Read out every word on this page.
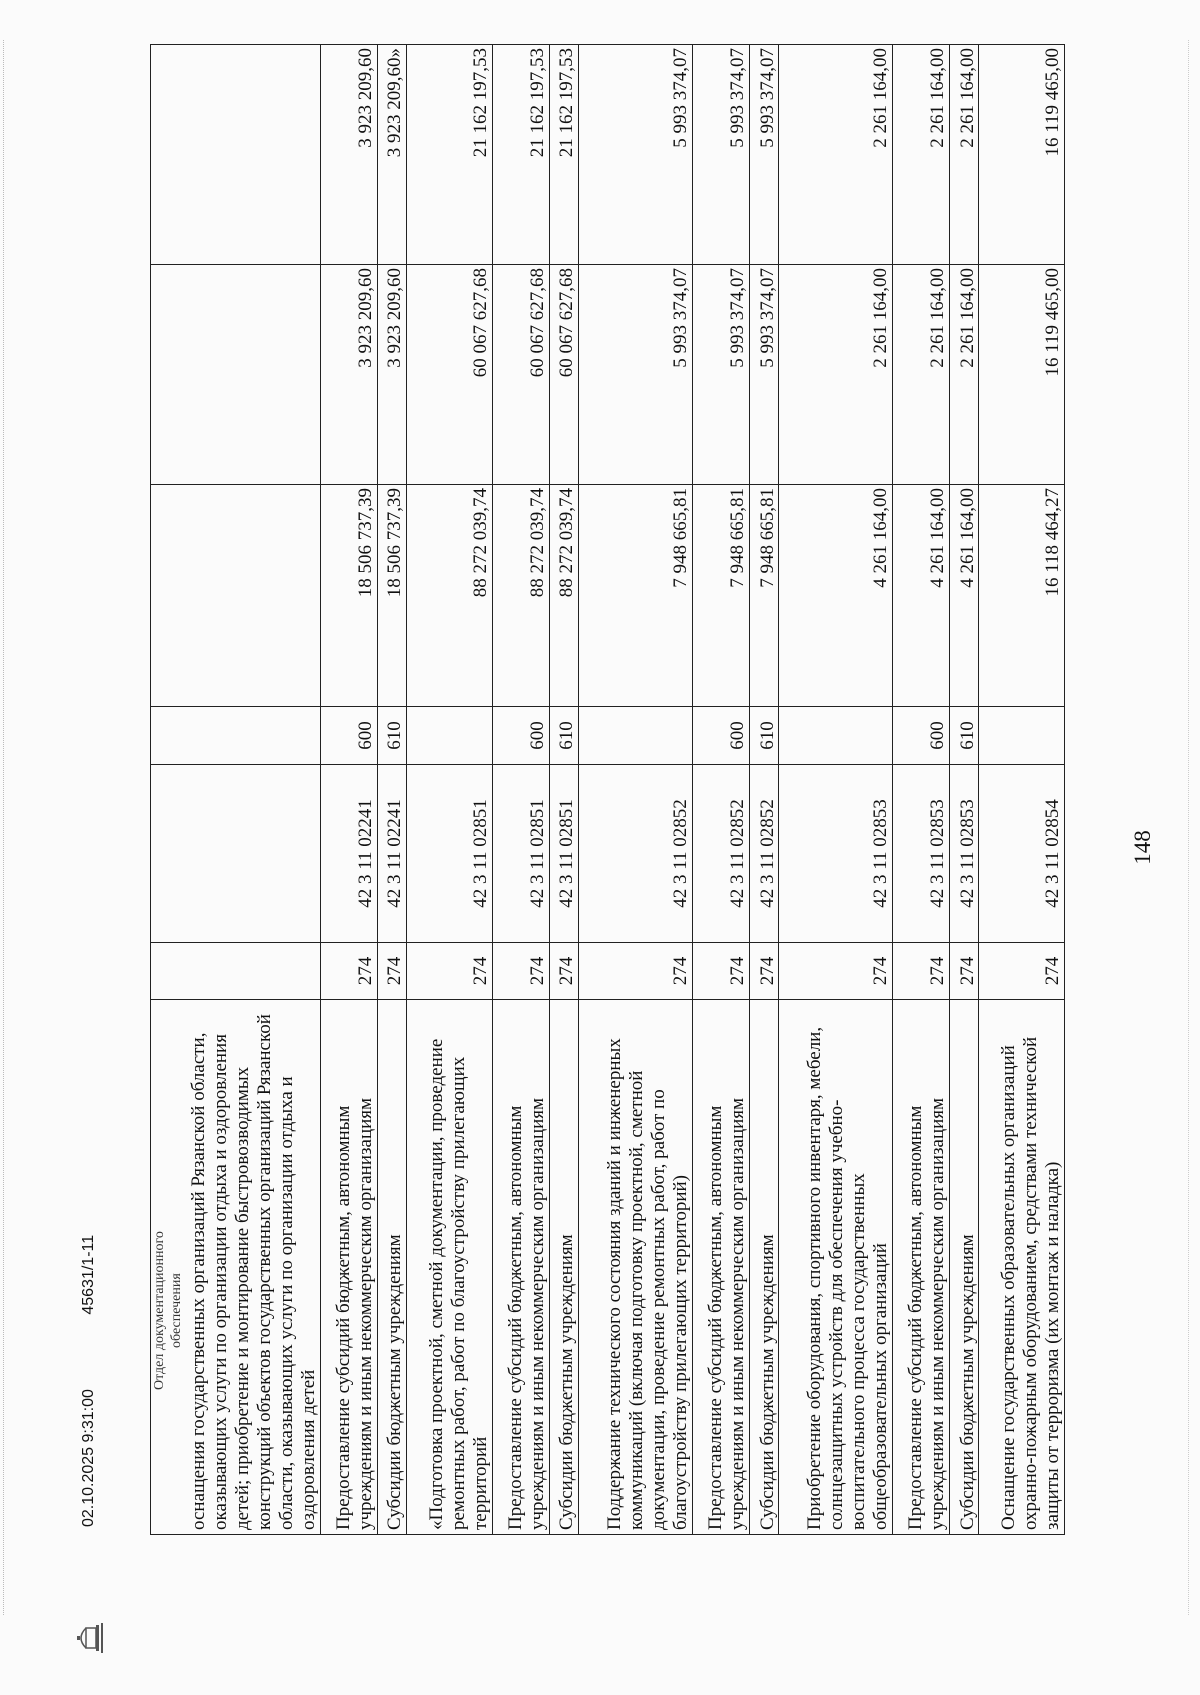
148
оснащения государственных организаций Рязанской области, оказывающих услуги по организации отдыха и оздоровления детей; приобретение и монтирование быстровозводимых конструкций объектов государственных организаций Рязанской области, оказывающих услуги по организации отдыха и оздоровления детей						
Предоставление субсидий бюджетным, автономным учреждениям и иным некоммерческим организациям	274	42 3 11 02241	600	18 506 737,39	3 923 209,60	3 923 209,60
Субсидии бюджетным учреждениям	274	42 3 11 02241	610	18 506 737,39	3 923 209,60	3 923 209,60»
«Подготовка проектной, сметной документации, проведение ремонтных работ, работ по благоустройству прилегающих территорий	274	42 3 11 02851		88 272 039,74	60 067 627,68	21 162 197,53
Предоставление субсидий бюджетным, автономным учреждениям и иным некоммерческим организациям	274	42 3 11 02851	600	88 272 039,74	60 067 627,68	21 162 197,53
Субсидии бюджетным учреждениям	274	42 3 11 02851	610	88 272 039,74	60 067 627,68	21 162 197,53
Поддержание технического состояния зданий и инженерных коммуникаций (включая подготовку проектной, сметной документации, проведение ремонтных работ, работ по благоустройству прилегающих территорий)	274	42 3 11 02852		7 948 665,81	5 993 374,07	5 993 374,07
Предоставление субсидий бюджетным, автономным учреждениям и иным некоммерческим организациям	274	42 3 11 02852	600	7 948 665,81	5 993 374,07	5 993 374,07
Субсидии бюджетным учреждениям	274	42 3 11 02852	610	7 948 665,81	5 993 374,07	5 993 374,07
Приобретение оборудования, спортивного инвентаря, мебели, солнцезащитных устройств для обеспечения учебно-воспитательного процесса государственных общеобразовательных организаций	274	42 3 11 02853		4 261 164,00	2 261 164,00	2 261 164,00
Предоставление субсидий бюджетным, автономным учреждениям и иным некоммерческим организациям	274	42 3 11 02853	600	4 261 164,00	2 261 164,00	2 261 164,00
Субсидии бюджетным учреждениям	274	42 3 11 02853	610	4 261 164,00	2 261 164,00	2 261 164,00
Оснащение государственных образовательных организаций охранно-пожарным оборудованием, средствами технической защиты от терроризма (их монтаж и наладка)	274	42 3 11 02854		16 118 464,27	16 119 465,00	16 119 465,00
02.10.2025 9:31:00 45631/1-11	Отдел документационного обеспечения
